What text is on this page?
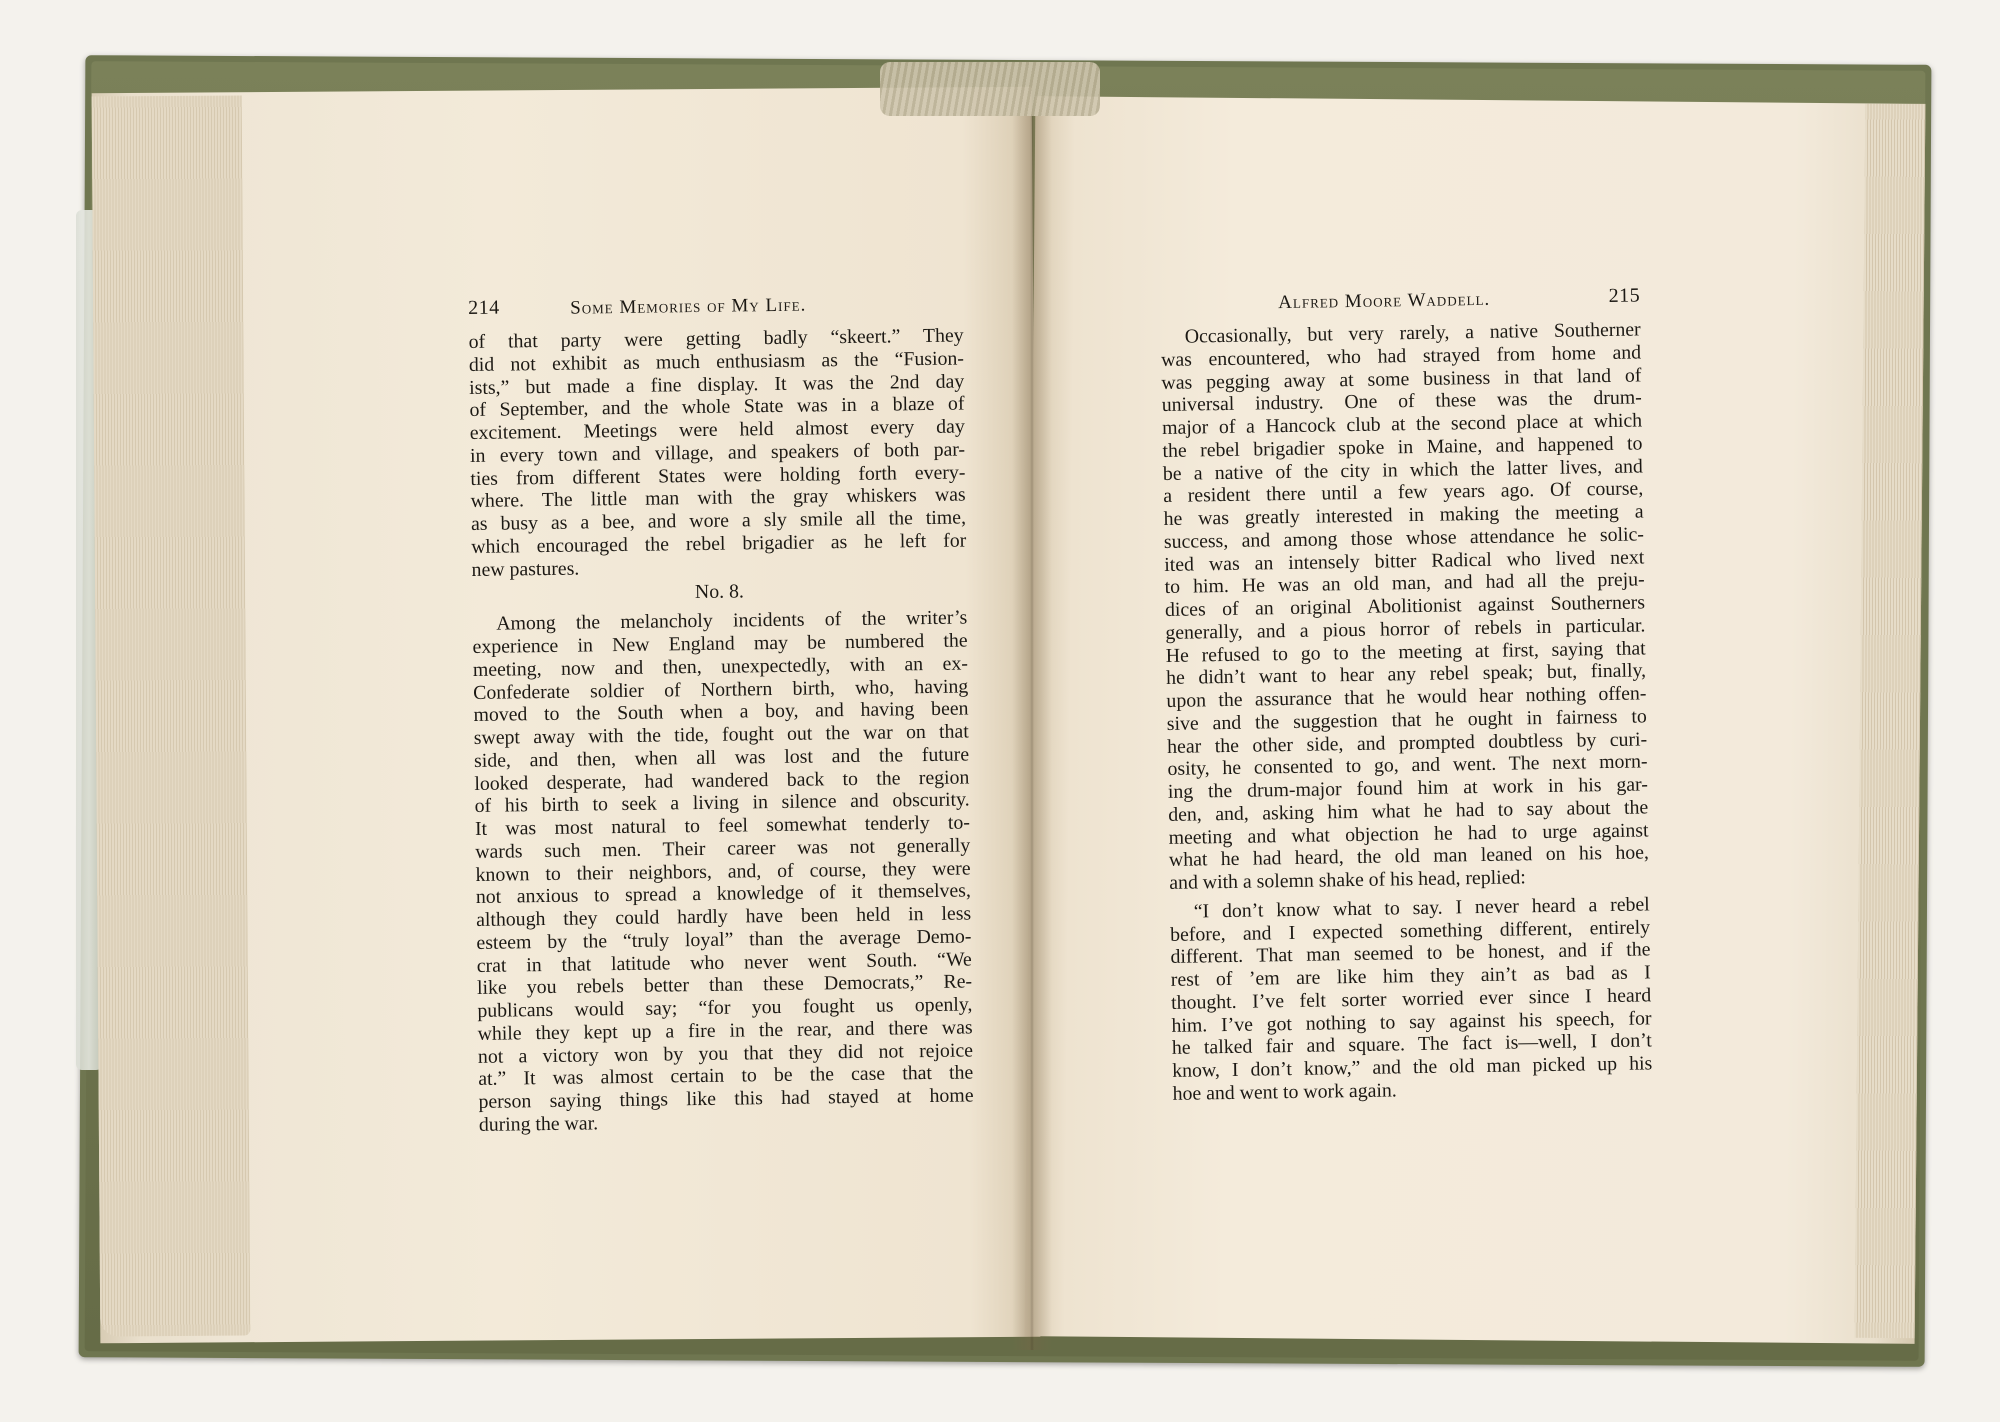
214	Some Memories of My Life.
of that party were getting badly “skeert.” They
did not exhibit as much enthusiasm as the “Fusion-
ists,” but made a fine display. It was the 2nd day
of September, and the whole State was in a blaze of
excitement. Meetings were held almost every day
in every town and village, and speakers of both par-
ties from different States were holding forth every-
where. The little man with the gray whiskers was
as busy as a bee, and wore a sly smile all the time,
which encouraged the rebel brigadier as he left for
new pastures.
No. 8.
Among the melancholy incidents of the writer’s
experience in New England may be numbered the
meeting, now and then, unexpectedly, with an ex-
Confederate soldier of Northern birth, who, having
moved to the South when a boy, and having been
swept away with the tide, fought out the war on that
side, and then, when all was lost and the future
looked desperate, had wandered back to the region
of his birth to seek a living in silence and obscurity.
It was most natural to feel somewhat tenderly to-
wards such men. Their career was not generally
known to their neighbors, and, of course, they were
not anxious to spread a knowledge of it themselves,
although they could hardly have been held in less
esteem by the “truly loyal” than the average Demo-
crat in that latitude who never went South. “We
like you rebels better than these Democrats,” Re-
publicans would say; “for you fought us openly,
while they kept up a fire in the rear, and there was
not a victory won by you that they did not rejoice
at.” It was almost certain to be the case that the
person saying things like this had stayed at home
during the war.
Alfred Moore Waddell.	215
Occasionally, but very rarely, a native Southerner
was encountered, who had strayed from home and
was pegging away at some business in that land of
universal industry. One of these was the drum-
major of a Hancock club at the second place at which
the rebel brigadier spoke in Maine, and happened to
be a native of the city in which the latter lives, and
a resident there until a few years ago. Of course,
he was greatly interested in making the meeting a
success, and among those whose attendance he solic-
ited was an intensely bitter Radical who lived next
to him. He was an old man, and had all the preju-
dices of an original Abolitionist against Southerners
generally, and a pious horror of rebels in particular.
He refused to go to the meeting at first, saying that
he didn’t want to hear any rebel speak; but, finally,
upon the assurance that he would hear nothing offen-
sive and the suggestion that he ought in fairness to
hear the other side, and prompted doubtless by curi-
osity, he consented to go, and went. The next morn-
ing the drum-major found him at work in his gar-
den, and, asking him what he had to say about the
meeting and what objection he had to urge against
what he had heard, the old man leaned on his hoe,
and with a solemn shake of his head, replied:
“I don’t know what to say. I never heard a rebel
before, and I expected something different, entirely
different. That man seemed to be honest, and if the
rest of ’em are like him they ain’t as bad as I
thought. I’ve felt sorter worried ever since I heard
him. I’ve got nothing to say against his speech, for
he talked fair and square. The fact is—well, I don’t
know, I don’t know,” and the old man picked up his
hoe and went to work again.
